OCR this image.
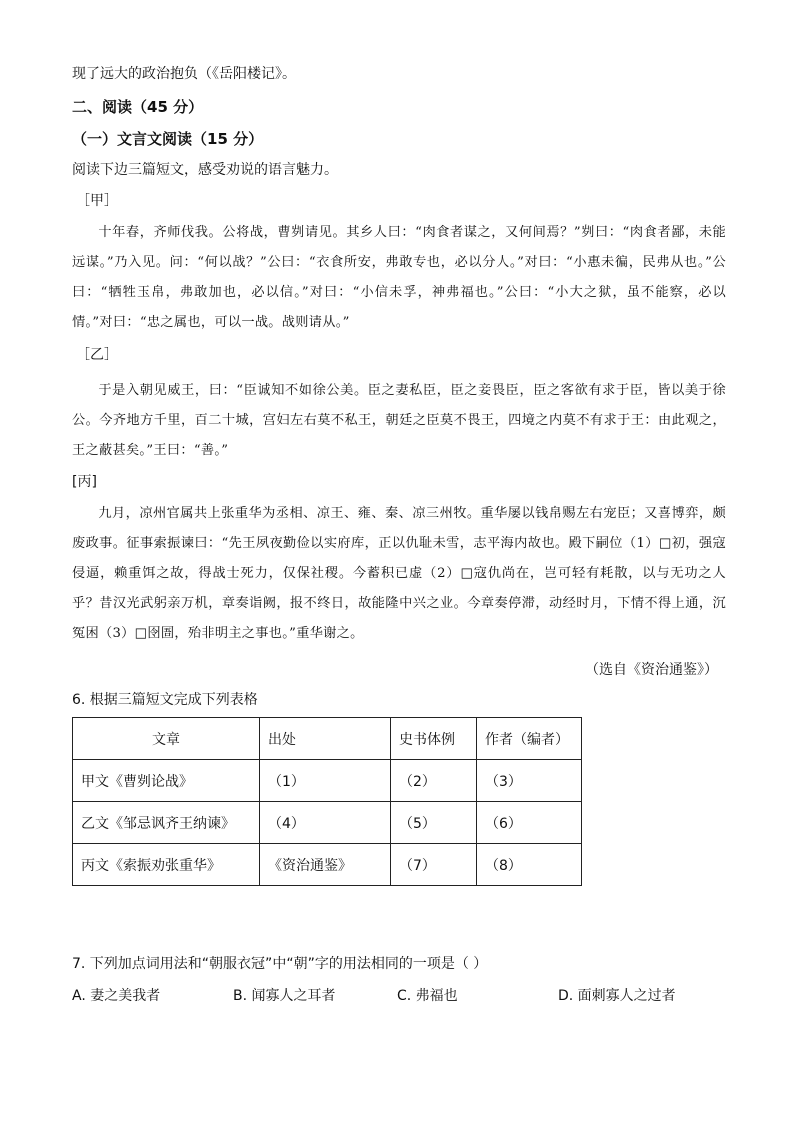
现了远大的政治抱负（《岳阳楼记》。
二、阅读（45 分）
（一）文言文阅读（15 分）
阅读下边三篇短文，感受劝说的语言魅力。
［甲］
十年春，齐师伐我。公将战，曹刿请见。其乡人曰：“肉食者谋之，又何间焉？”刿曰：“肉食者鄙，未能远谋。”乃入见。问：“何以战？”公曰：“衣食所安，弗敢专也，必以分人。”对曰：“小惠未徧，民弗从也。”公曰：“牺牲玉帛，弗敢加也，必以信。”对曰：“小信未孚，神弗福也。”公曰：“小大之狱，虽不能察，必以情。”对曰：“忠之属也，可以一战。战则请从。”
［乙］
于是入朝见威王，曰：“臣诚知不如徐公美。臣之妻私臣，臣之妾畏臣，臣之客欲有求于臣，皆以美于徐公。今齐地方千里，百二十城，宫妇左右莫不私王，朝廷之臣莫不畏王，四境之内莫不有求于王：由此观之，王之蔽甚矣。”王曰：“善。”
[丙]
九月，凉州官属共上张重华为丞相、凉王、雍、秦、凉三州牧。重华屡以钱帛赐左右宠臣；又喜博弈，颇废政事。征事索振谏曰：“先王夙夜勤俭以实府库，正以仇耻未雪，志平海内故也。殿下嗣位（1）□初，强寇侵逼，赖重饵之故，得战士死力，仅保社稷。今蓄积已虚（2）□寇仇尚在，岂可轻有耗散，以与无功之人乎？昔汉光武躬亲万机，章奏诣阙，报不终日，故能隆中兴之业。今章奏停滞，动经时月，下情不得上通，沉冤困（3）□囹圄，殆非明主之事也。”重华谢之。
（选自《资治通鉴》）
6. 根据三篇短文完成下列表格
文章	出处	史书体例	作者（编者）
甲文《曹刿论战》	（1）	（2）	（3）
乙文《邹忌讽齐王纳谏》	（4）	（5）	（6）
丙文《索振劝张重华》	《资治通鉴》	（7）	（8）
7. 下列加点词用法和“朝服衣冠”中“朝”字的用法相同的一项是（ ）
A. 妻之美我者	B. 闻寡人之耳者	C. 弗福也	D. 面刺寡人之过者
